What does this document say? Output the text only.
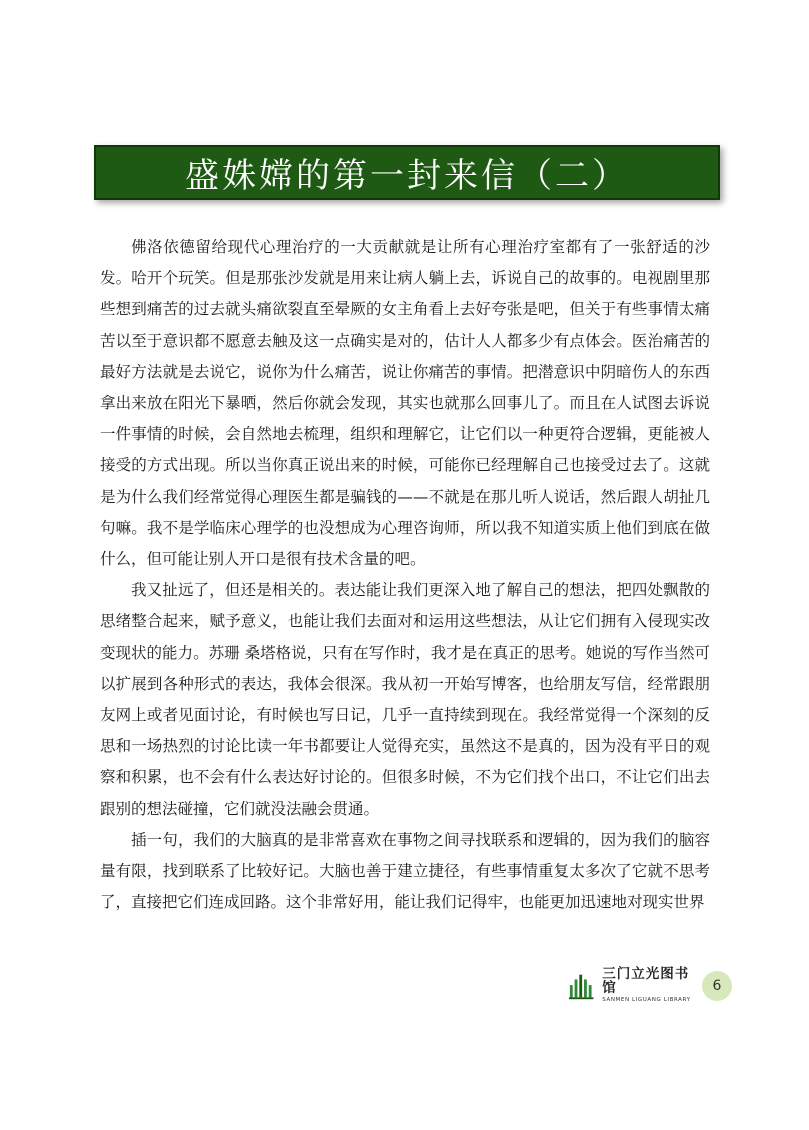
盛姝嫦的第一封来信（二）

佛洛依德留给现代心理治疗的一大贡献就是让所有心理治疗室都有了一张舒适的沙发。哈开个玩笑。但是那张沙发就是用来让病人躺上去，诉说自己的故事的。电视剧里那些想到痛苦的过去就头痛欲裂直至晕厥的女主角看上去好夸张是吧，但关于有些事情太痛苦以至于意识都不愿意去触及这一点确实是对的，估计人人都多少有点体会。医治痛苦的最好方法就是去说它，说你为什么痛苦，说让你痛苦的事情。把潜意识中阴暗伤人的东西拿出来放在阳光下暴晒，然后你就会发现，其实也就那么回事儿了。而且在人试图去诉说一件事情的时候，会自然地去梳理，组织和理解它，让它们以一种更符合逻辑，更能被人接受的方式出现。所以当你真正说出来的时候，可能你已经理解自己也接受过去了。这就是为什么我们经常觉得心理医生都是骗钱的——不就是在那儿听人说话，然后跟人胡扯几句嘛。我不是学临床心理学的也没想成为心理咨询师，所以我不知道实质上他们到底在做什么，但可能让别人开口是很有技术含量的吧。

我又扯远了，但还是相关的。表达能让我们更深入地了解自己的想法，把四处飘散的思绪整合起来，赋予意义，也能让我们去面对和运用这些想法，从让它们拥有入侵现实改变现状的能力。苏珊 桑塔格说，只有在写作时，我才是在真正的思考。她说的写作当然可以扩展到各种形式的表达，我体会很深。我从初一开始写博客，也给朋友写信，经常跟朋友网上或者见面讨论，有时候也写日记，几乎一直持续到现在。我经常觉得一个深刻的反思和一场热烈的讨论比读一年书都要让人觉得充实，虽然这不是真的，因为没有平日的观察和积累，也不会有什么表达好讨论的。但很多时候，不为它们找个出口，不让它们出去跟别的想法碰撞，它们就没法融会贯通。

插一句，我们的大脑真的是非常喜欢在事物之间寻找联系和逻辑的，因为我们的脑容量有限，找到联系了比较好记。大脑也善于建立捷径，有些事情重复太多次了它就不思考了，直接把它们连成回路。这个非常好用，能让我们记得牢，也能更加迅速地对现实世界

三门立光图书馆
SANMEN LIGUANG LIBRARY
6
